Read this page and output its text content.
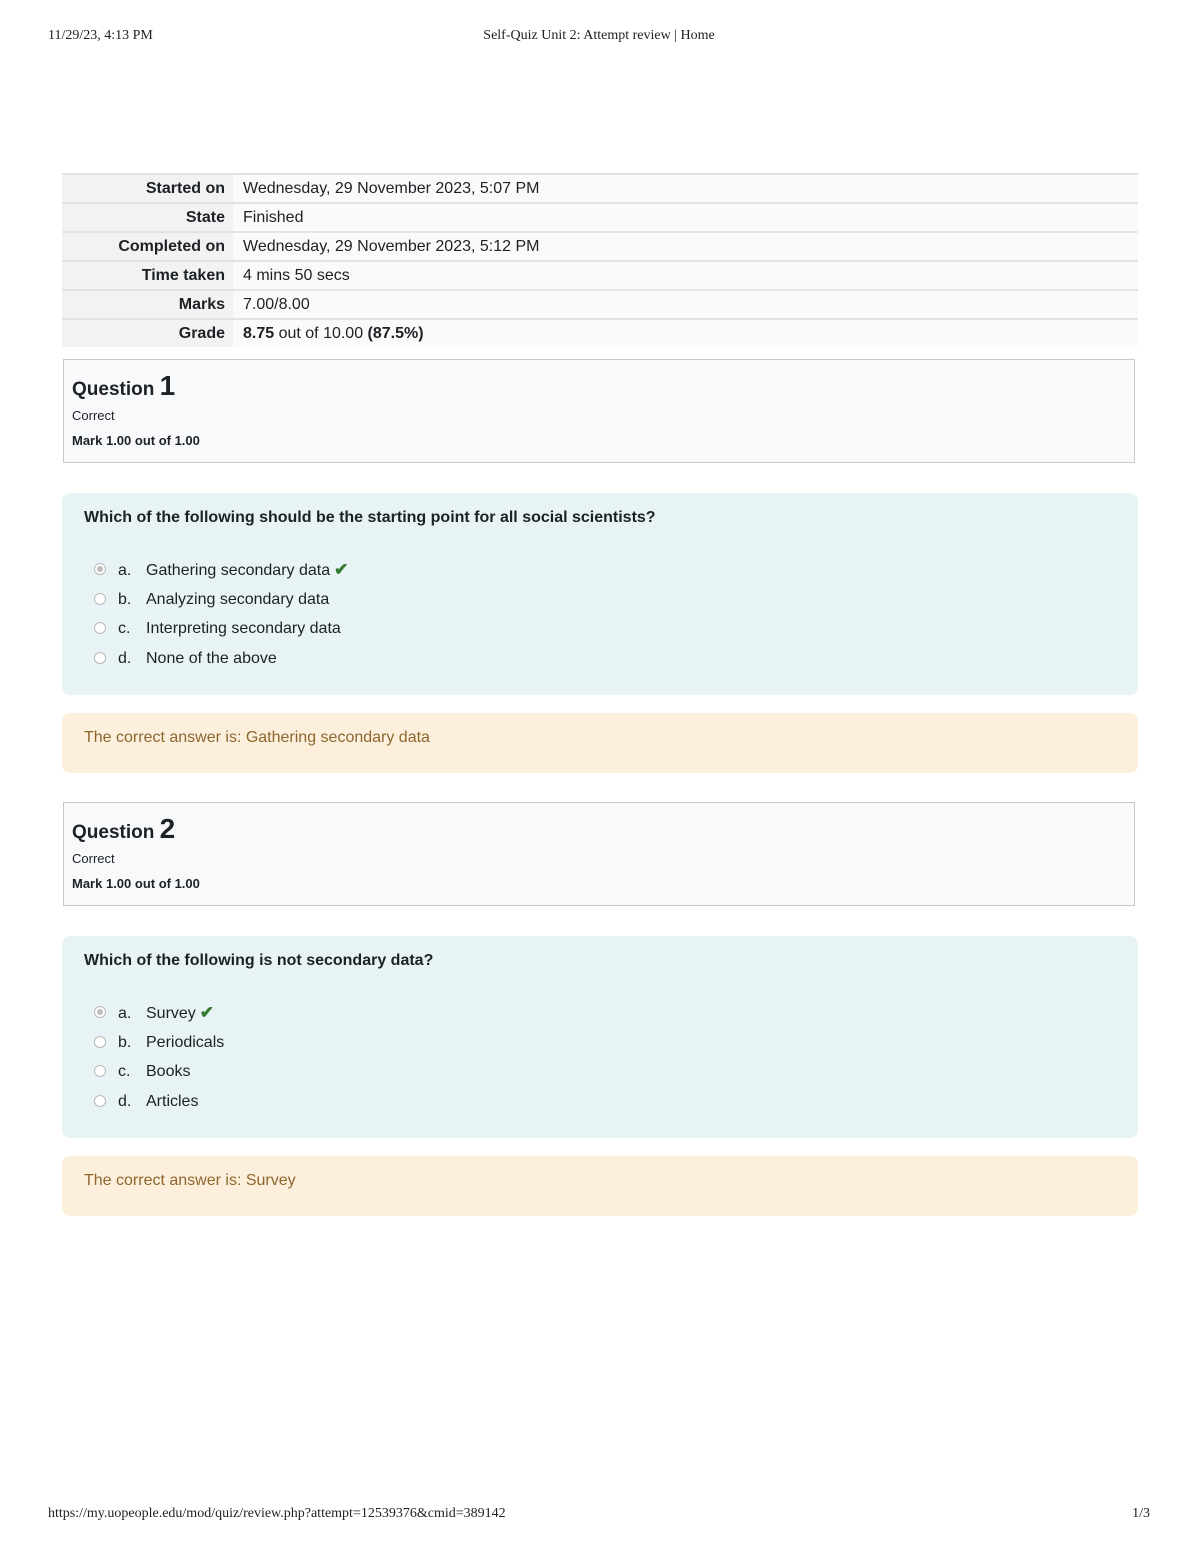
11/29/23, 4:13 PM	Self-Quiz Unit 2: Attempt review | Home
Started on	Wednesday, 29 November 2023, 5:07 PM
State	Finished
Completed on	Wednesday, 29 November 2023, 5:12 PM
Time taken	4 mins 50 secs
Marks	7.00/8.00
Grade	8.75 out of 10.00 (87.5%)
Question 1
Correct
Mark 1.00 out of 1.00
Which of the following should be the starting point for all social scientists?
a. Gathering secondary data ✔
b. Analyzing secondary data
c. Interpreting secondary data
d. None of the above
The correct answer is: Gathering secondary data
Question 2
Correct
Mark 1.00 out of 1.00
Which of the following is not secondary data?
a. Survey ✔
b. Periodicals
c. Books
d. Articles
The correct answer is: Survey
https://my.uopeople.edu/mod/quiz/review.php?attempt=12539376&cmid=389142	1/3
